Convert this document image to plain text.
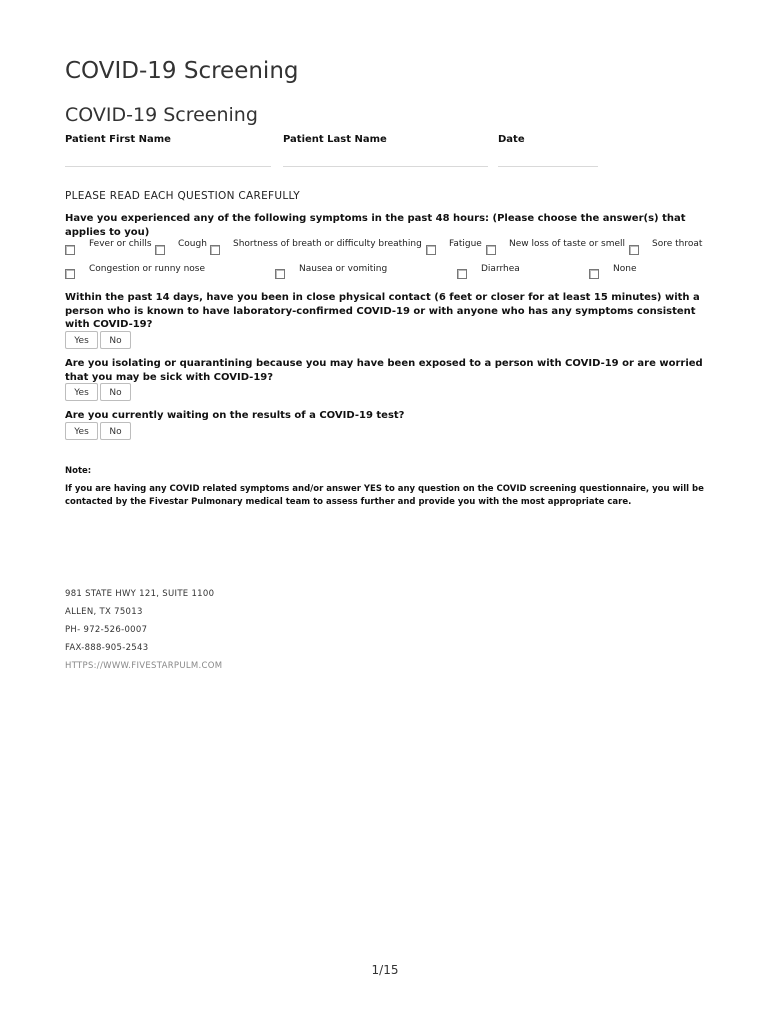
COVID-19 Screening
COVID-19 Screening
Patient First Name	Patient Last Name	Date
PLEASE READ EACH QUESTION CAREFULLY
Have you experienced any of the following symptoms in the past 48 hours: (Please choose the answer(s) that applies to you)
Fever or chills	Cough	Shortness of breath or difficulty breathing	Fatigue	New loss of taste or smell	Sore throat
Congestion or runny nose	Nausea or vomiting	Diarrhea	None
Within the past 14 days, have you been in close physical contact (6 feet or closer for at least 15 minutes) with a person who is known to have laboratory-confirmed COVID-19 or with anyone who has any symptoms consistent with COVID-19?
Yes	No
Are you isolating or quarantining because you may have been exposed to a person with COVID-19 or are worried that you may be sick with COVID-19?
Yes	No
Are you currently waiting on the results of a COVID-19 test?
Yes	No
Note:
If you are having any COVID related symptoms and/or answer YES to any question on the COVID screening questionnaire, you will be contacted by the Fivestar Pulmonary medical team to assess further and provide you with the most appropriate care.
981 STATE HWY 121, SUITE 1100
ALLEN, TX 75013
PH- 972-526-0007
FAX-888-905-2543
HTTPS://WWW.FIVESTARPULM.COM
1/15
